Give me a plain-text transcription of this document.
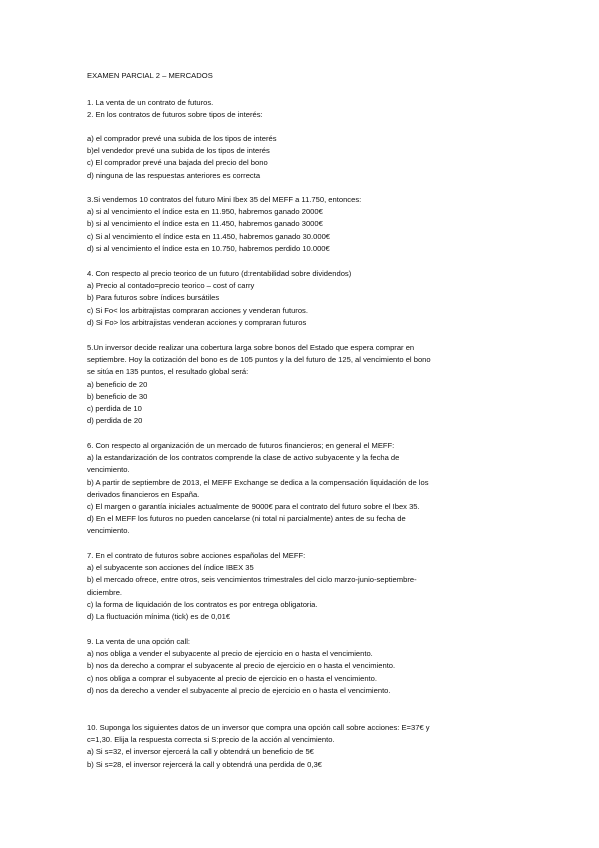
EXAMEN PARCIAL 2 – MERCADOS
1. La venta de un contrato de futuros.
2. En los contratos de futuros sobre tipos de interés:
a) el comprador prevé una subida de los tipos de interés
b)el vendedor prevé una subida de los tipos de interés
c) El comprador prevé una bajada del precio del bono
d) ninguna de las respuestas anteriores es correcta
3.Si vendemos 10 contratos del futuro Mini Ibex 35 del MEFF a 11.750, entonces:
a) si al vencimiento el índice esta en 11.950, habremos ganado 2000€
b) si al vencimiento el índice esta en 11.450, habremos ganado 3000€
c) Si al vencimiento el índice esta en 11.450, habremos ganado 30.000€
d) si al vencimiento el índice esta en 10.750, habremos perdido 10.000€
4. Con respecto al precio teorico de un futuro (d:rentabilidad sobre dividendos)
a) Precio al contado=precio teorico – cost of carry
b) Para futuros sobre índices bursátiles
c) Si Fo< los arbitrajistas compraran acciones y venderan futuros.
d) Si Fo> los arbitrajistas venderan acciones y compraran futuros
5.Un inversor decide realizar una cobertura larga sobre bonos del Estado que espera comprar en
septiembre. Hoy la cotización del bono es de 105 puntos y la del futuro de 125, al vencimiento el bono
se sitúa en 135 puntos, el resultado global será:
a) beneficio de 20
b) beneficio de 30
c) perdida de 10
d) perdida de 20
6. Con respecto al organización de un mercado de futuros financieros; en general el MEFF:
a) la estandarización de los contratos comprende la clase de activo subyacente y la fecha de
vencimiento.
b) A partir de septiembre de 2013, el MEFF Exchange se dedica a la compensación liquidación de los
derivados financieros en España.
c) El margen o garantía iniciales actualmente de 9000€ para el contrato del futuro sobre el Ibex 35.
d) En el MEFF los futuros no pueden cancelarse (ni total ni parcialmente) antes de su fecha de
vencimiento.
7. En el contrato de futuros sobre acciones españolas del MEFF:
a) el subyacente son acciones del índice IBEX 35
b) el mercado ofrece, entre otros, seis vencimientos trimestrales del ciclo marzo-junio-septiembre-
diciembre.
c) la forma de liquidación de los contratos es por entrega obligatoria.
d) La fluctuación mínima (tick) es de 0,01€
9. La venta de una opción call:
a) nos obliga a vender el subyacente al precio de ejercicio en o hasta el vencimiento.
b) nos da derecho a comprar el subyacente al precio de ejercicio en o hasta el vencimiento.
c) nos obliga a comprar el subyacente al precio de ejercicio en o hasta el vencimiento.
d) nos da derecho a vender el subyacente al precio de ejercicio en o hasta el vencimiento.
10. Suponga los siguientes datos de un inversor que compra una opción call sobre acciones: E=37€ y
c=1,30. Elija la respuesta correcta si S:precio de la acción al vencimiento.
a) Si s=32, el inversor ejercerá la call y obtendrá un beneficio de 5€
b) Si s=28, el inversor rejercerá la call y obtendrá una perdida de 0,3€
